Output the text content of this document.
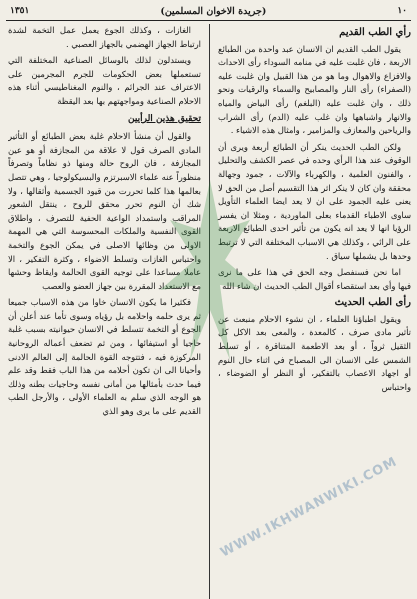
١٠
(جريدة الاخوان المسلمين)
١٣٥١
رأي الطب القديم

يقول الطب القديم ان الانسان عبد واحدة من الطبائع الاربعة ، فان غلبت عليه في منامه السوداء رأى الاحداث والافزاع والاهوال وما هو من هذا القبيل وان غلبت عليه (الصفراء) رأى النار والمصابيح والسماء والرقيات ونحو ذلك ، وان غلبت عليه (البلغم) رأى البياض والمياه والانهار واشباهها وان غلب عليه (الدم) رأى الشراب والرياحين والمعازف والمزامير ، وامثال هذه الاشياء .

ولكن الطب الحديث ينكر أن الطبائع أربعة ويرى أن الوقوف عند هذا الرأي وحده في عصر الكشف والتحليل ، والفنون العلمية ، والكهرباء والآلات ، جمود وجهالة محققة وان كان لا ينكر اثر هذا التقسيم أصل من الحق لا يعنى عليه الجمود على ان لا يعد ايضا العلماء التأويل ساوى الاطباء القدماء بعلى الماوردية ، ومثلا ان يفسر الرؤيا انها لا يعد انه يكون من تأثير احدى الطبائع الاربعة على الرائي ، وكذلك هي الاسباب المختلفة التي لا ترتبط وحدها بل يشملها سياق .

اما نحن فسنفصل وجه الحق في هذا على ما نرى فيها وأي بعد استقصاء أقوال الطب الحديث ان شاء الله

رأى الطب الحديث

ويقول اطباؤنا العلماء ، ان نشوء الاحلام منبعث عن تأثير مادى صرف ، كالمعدة ، والمعى بعد الاكل كل الثقيل ثرواً ، أو بعد الاطعمة المتناقرة ، أو تسلط الشمس على الانسان الى المصباح في اثناء حال النوم أو اجهاد الاعصاب بالتفكير، أو النظر أو الضوضاء ، واحتباس

الغازات ، وكذلك الجوع يعمل عمل التخمة لشدة ارتباط الجهاز الهضمي بالجهاز العصبي .

ويستدلون لذلك بالوسائل الصناعية المختلفة التي تستعملها بعض الحكومات للجرم المجرمين على الاعتراف عند الجرائم ، والنوم المغناطيسي أثناء هذه الاحلام الصناعية ومواجهتهم بها بعد اليقظة

تحقيق هذين الرأيين

والقول أن منشأ الاحلام غلبة بعض الطبائع أو التأثير المادي الصرف قول لا علاقة من المجازفة أو هو عين المجازفة ، فان الروح حالة ومنها ذو نظاماً وتصرفاً منظوراً عنه علماء الاسبرتزم والبسيكولوجيا ، وهي تتصل بعالمها هذا كلما تحررت من قيود الجسمية وأثقالها ، ولا شك أن النوم تحرر محقق للروح ، ينتقل الشعور المراقب واستمداد الواعية الحفية للتصرف ، واطلاق القوى النفسية والملكات المحسوسة التي هي المهمة الاولى من وظائها الاصلى في يمكن الجوع والتخمة واحتباس الغازات وتسلط الاضواء ، وكثرة التفكير ، الا عاملا مساعدا على توجيه القوى الحالمة وايقاظ وحشها مع الاستعداد المقررة بين جهاز العضو والعصب

فكثيرا ما يكون الانسان خاوا من هذه الاسباب جميعا ثم يرى حلمه واحلامه بل رؤياه وسوى تأما عند أعلن أن الجوع أو التخمة تتسلط في الانسان حيوانيته بسبب غلبة حاجيا أو استيفائها ، ومن ثم تضعف أعماله الروحانية المركوزة فيه ، فتتوجه القوة الحالمة إلى العالم الادنى وأحيانا الى ان تكون أحلامه من هذا الباب فقط وقد علم فيما حدث بأمثالها من أمانى نفسه وحاجيات بطنه وذلك هو الوجه الذي سلم به العلماء الأولى ، والأرجل الطب القديم على ما يرى وهو الذي

WWW.IKHWANWIKI.COM
